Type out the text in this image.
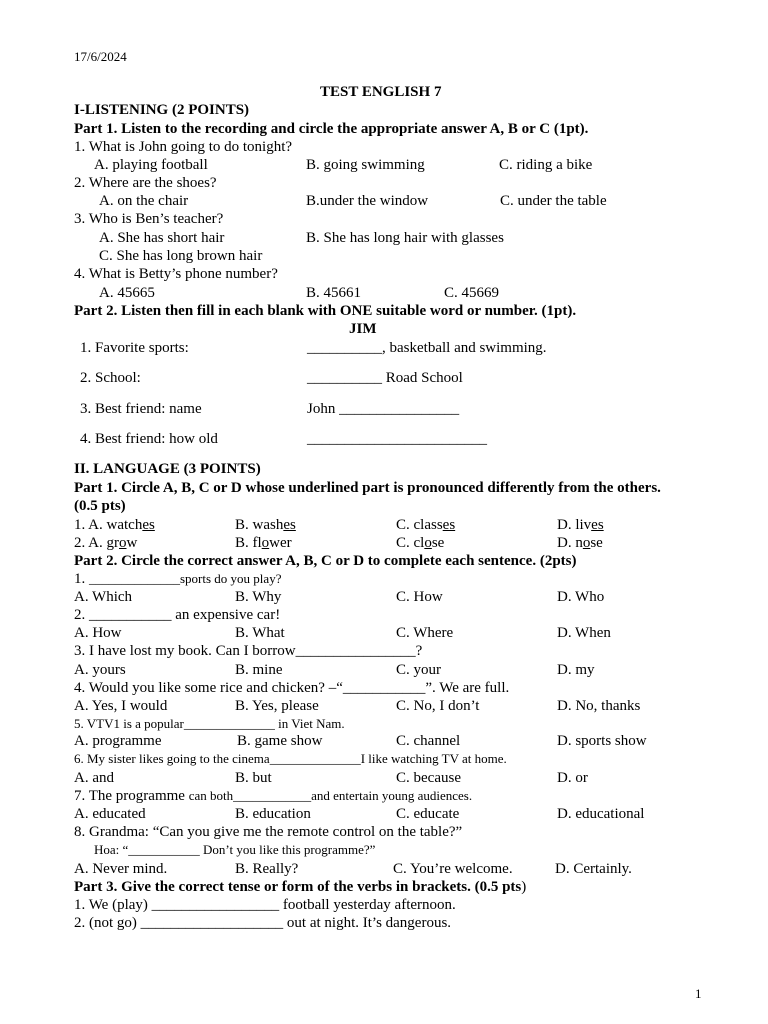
17/6/2024
TEST ENGLISH 7
I-LISTENING (2 POINTS)
Part 1. Listen to the recording and circle the appropriate answer A, B or C (1pt).
1. What is John going to do tonight?
A. playing football	B. going swimming	C. riding a bike
2. Where are the shoes?
A. on the chair	B.under the window	C. under the table
3. Who is Ben’s teacher?
A. She has short hair	B. She has long hair with glasses
C. She has long brown hair
4. What is Betty’s phone number?
A. 45665	B. 45661	C. 45669
Part 2. Listen then fill in each blank with ONE suitable word or number. (1pt).
JIM
1. Favorite sports:	__________, basketball and swimming.
2. School:	__________ Road School
3. Best friend: name	John ________________
4. Best friend: how old	________________________
II. LANGUAGE (3 POINTS)
Part 1. Circle A, B, C or D whose underlined part is pronounced differently from the others.
(0.5 pts)
1. A. watches	B. washes	C. classes	D. lives
2. A. grow	B. flower	C. close	D. nose
Part 2. Circle the correct answer A, B, C or D to complete each sentence. (2pts)
1. ______________sports do you play?
A. Which	B. Why	C. How	D. Who
2. ___________ an expensive car!
A. How	B. What	C. Where	D. When
3. I have lost my book. Can I borrow________________?
A. yours	B. mine	C. your	D. my
4. Would you like some rice and chicken? –“___________”. We are full.
A. Yes, I would	B. Yes, please	C. No, I don’t	D. No, thanks
5. VTV1 is a popular______________ in Viet Nam.
A. programme	B. game show	C. channel	D. sports show
6. My sister likes going to the cinema______________I like watching TV at home.
A. and	B. but	C. because	D. or
7. The programme can both____________and entertain young audiences.
A. educated	B. education	C. educate	D. educational
8. Grandma: “Can you give me the remote control on the table?”
Hoa: “___________ Don’t you like this programme?”
A. Never mind.	B. Really?	C. You’re welcome.	D. Certainly.
Part 3. Give the correct tense or form of the verbs in brackets. (0.5 pts)
1. We (play) _________________ football yesterday afternoon.
2. (not go) ___________________ out at night. It’s dangerous.
1
